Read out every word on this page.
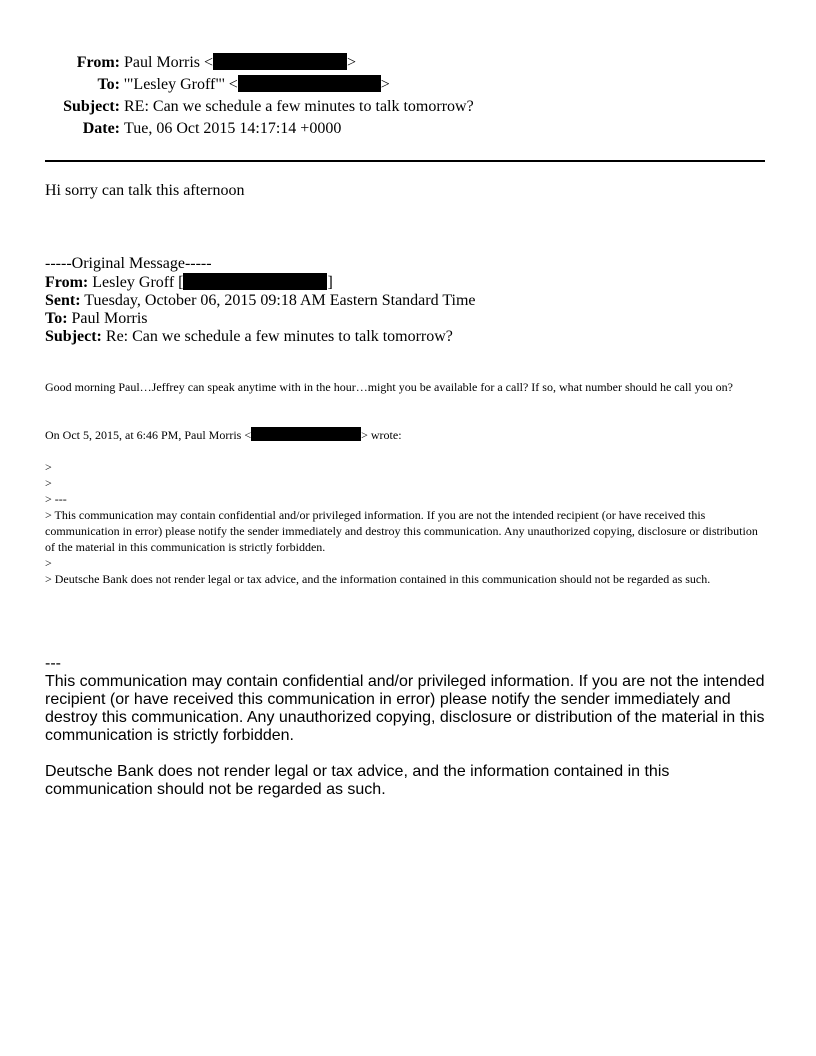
From: Paul Morris <	>
To: '"Lesley Groff"' <	>
Subject: RE: Can we schedule a few minutes to talk tomorrow?
Date: Tue, 06 Oct 2015 14:17:14 +0000
Hi sorry can talk this afternoon
-----Original Message-----
From: Lesley Groff [	]
Sent: Tuesday, October 06, 2015 09:18 AM Eastern Standard Time
To: Paul Morris
Subject: Re: Can we schedule a few minutes to talk tomorrow?
Good morning Paul…Jeffrey can speak anytime with in the hour…might you be available for a call? If so, what number should he call you on?
On Oct 5, 2015, at 6:46 PM, Paul Morris <	> wrote:
>
>
> ---
> This communication may contain confidential and/or privileged information. If you are not the intended recipient (or have received this communication in error) please notify the sender immediately and destroy this communication. Any unauthorized copying, disclosure or distribution of the material in this communication is strictly forbidden.
>
> Deutsche Bank does not render legal or tax advice, and the information contained in this communication should not be regarded as such.

---

This communication may contain confidential and/or privileged information. If you are not the intended recipient (or have received this communication in error) please notify the sender immediately and destroy this communication. Any unauthorized copying, disclosure or distribution of the material in this communication is strictly forbidden.

Deutsche Bank does not render legal or tax advice, and the information contained in this communication should not be regarded as such.
